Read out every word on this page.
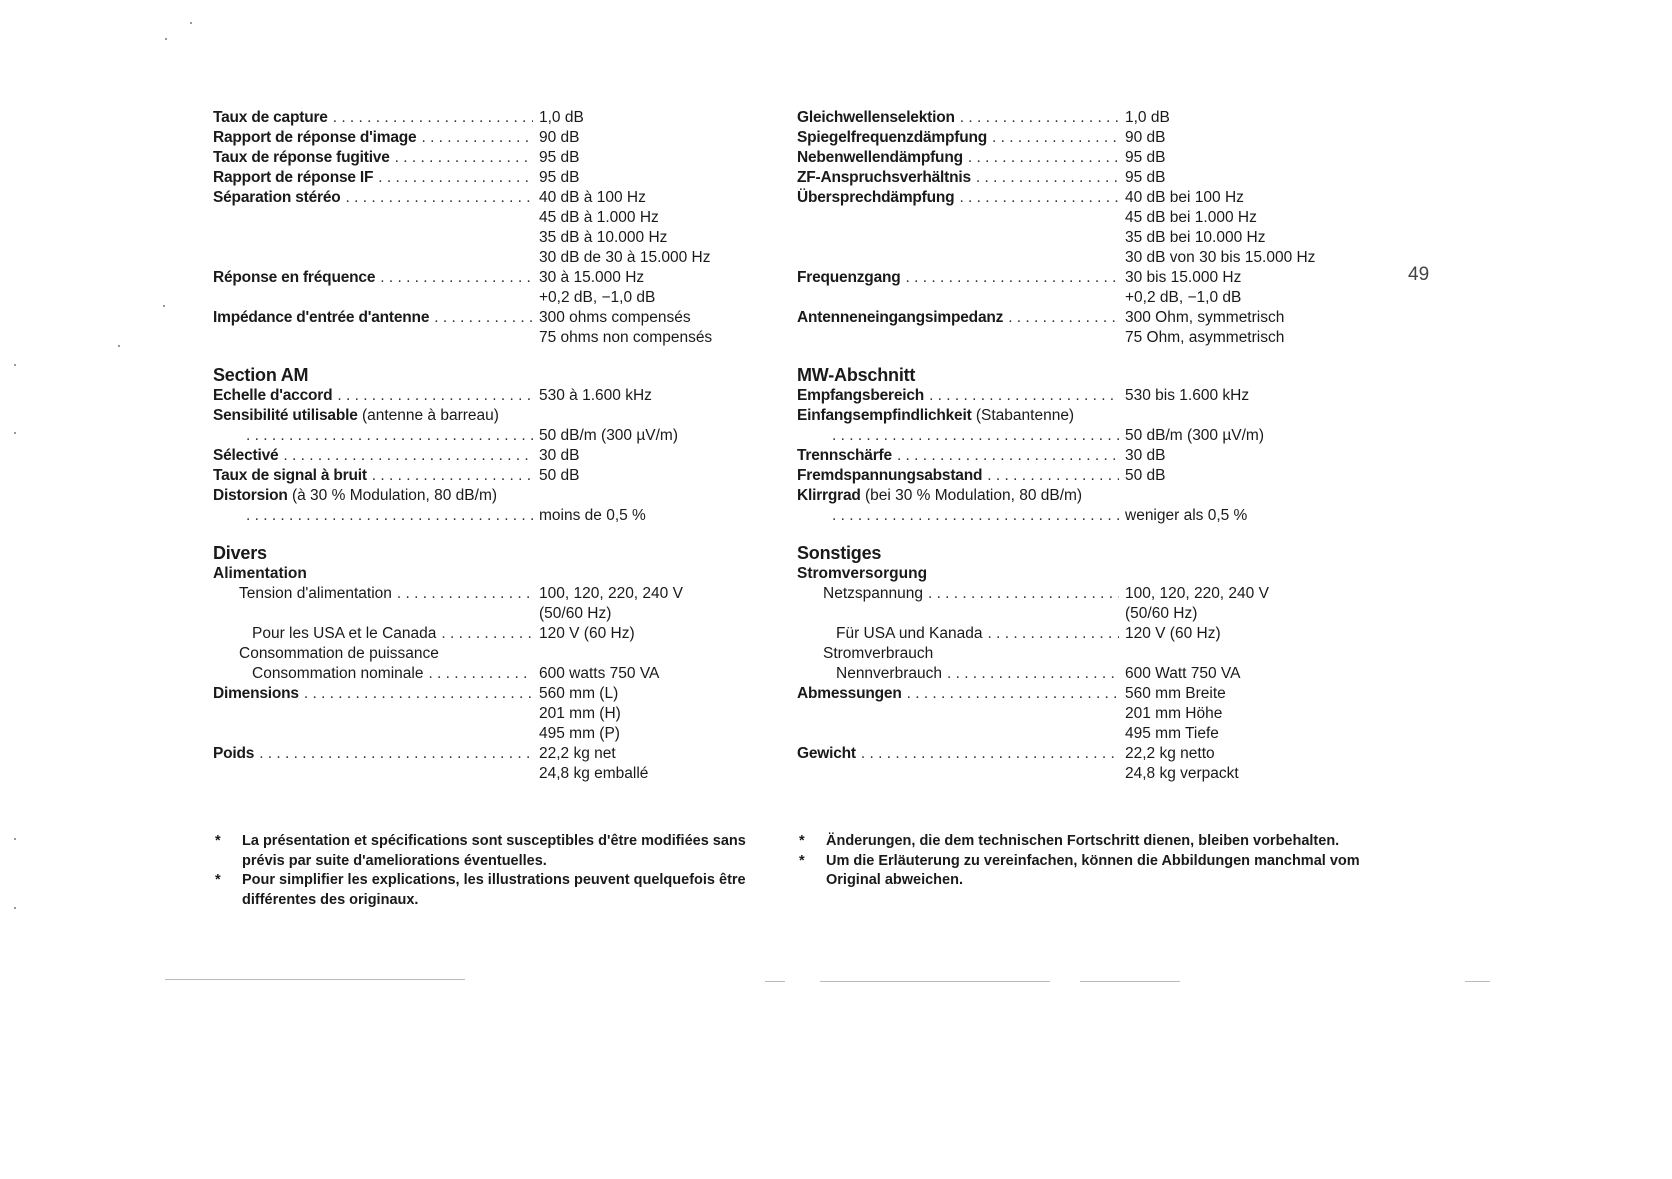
Taux de capture .....	1,0 dB
Rapport de réponse d'image .....	90 dB
Taux de réponse fugitive .....	95 dB
Rapport de réponse IF .....	95 dB
Séparation stéréo .....	40 dB à 100 Hz
45 dB à 1.000 Hz
35 dB à 10.000 Hz
30 dB de 30 à 15.000 Hz
Réponse en fréquence .....	30 à 15.000 Hz
+0,2 dB, −1,0 dB
Impédance d'entrée d'antenne .....	300 ohms compensés
75 ohms non compensés
Section AM
Echelle d'accord .....	530 à 1.600 kHz
Sensibilité utilisable (antenne à barreau)
.....
50 dB/m (300 µV/m)
Sélectivé .....	30 dB
Taux de signal à bruit .....	50 dB
Distorsion (à 30 % Modulation, 80 dB/m)
.....
moins de 0,5 %
Divers
Alimentation
Tension d'alimentation .....	100, 120, 220, 240 V
(50/60 Hz)
Pour les USA et le Canada .....	120 V (60 Hz)
Consommation de puissance
Consommation nominale .....	600 watts 750 VA
Dimensions .....	560 mm (L)
201 mm (H)
495 mm (P)
Poids .....	22,2 kg net
24,8 kg emballé
Gleichwellenselektion .....	1,0 dB
Spiegelfrequenzdämpfung .....	90 dB
Nebenwellendämpfung .....	95 dB
ZF-Anspruchsverhältnis .....	95 dB
Übersprechdämpfung .....	40 dB bei 100 Hz
45 dB bei 1.000 Hz
35 dB bei 10.000 Hz
30 dB von 30 bis 15.000 Hz
Frequenzgang .....	30 bis 15.000 Hz
+0,2 dB, −1,0 dB
Antenneneingangsimpedanz .....	300 Ohm, symmetrisch
75 Ohm, asymmetrisch
MW-Abschnitt
Empfangsbereich .....	530 bis 1.600 kHz
Einfangsempfindlichkeit (Stabantenne)
.....
50 dB/m (300 µV/m)
Trennschärfe .....	30 dB
Fremdspannungsabstand .....	50 dB
Klirrgrad (bei 30 % Modulation, 80 dB/m)
.....
weniger als 0,5 %
Sonstiges
Stromversorgung
Netzspannung .....	100, 120, 220, 240 V
(50/60 Hz)
Für USA und Kanada .....	120 V (60 Hz)
Stromverbrauch
Nennverbrauch .....	600 Watt 750 VA
Abmessungen .....	560 mm Breite
201 mm Höhe
495 mm Tiefe
Gewicht .....	22,2 kg netto
24,8 kg verpackt
*	La présentation et spécifications sont susceptibles d'être modifiées sans prévis par suite d'ameliorations éventuelles.
*	Pour simplifier les explications, les illustrations peuvent quelquefois être différentes des originaux.
*	Änderungen, die dem technischen Fortschritt dienen, bleiben vorbehalten.
*	Um die Erläuterung zu vereinfachen, können die Abbildungen manchmal vom Original abweichen.
49
